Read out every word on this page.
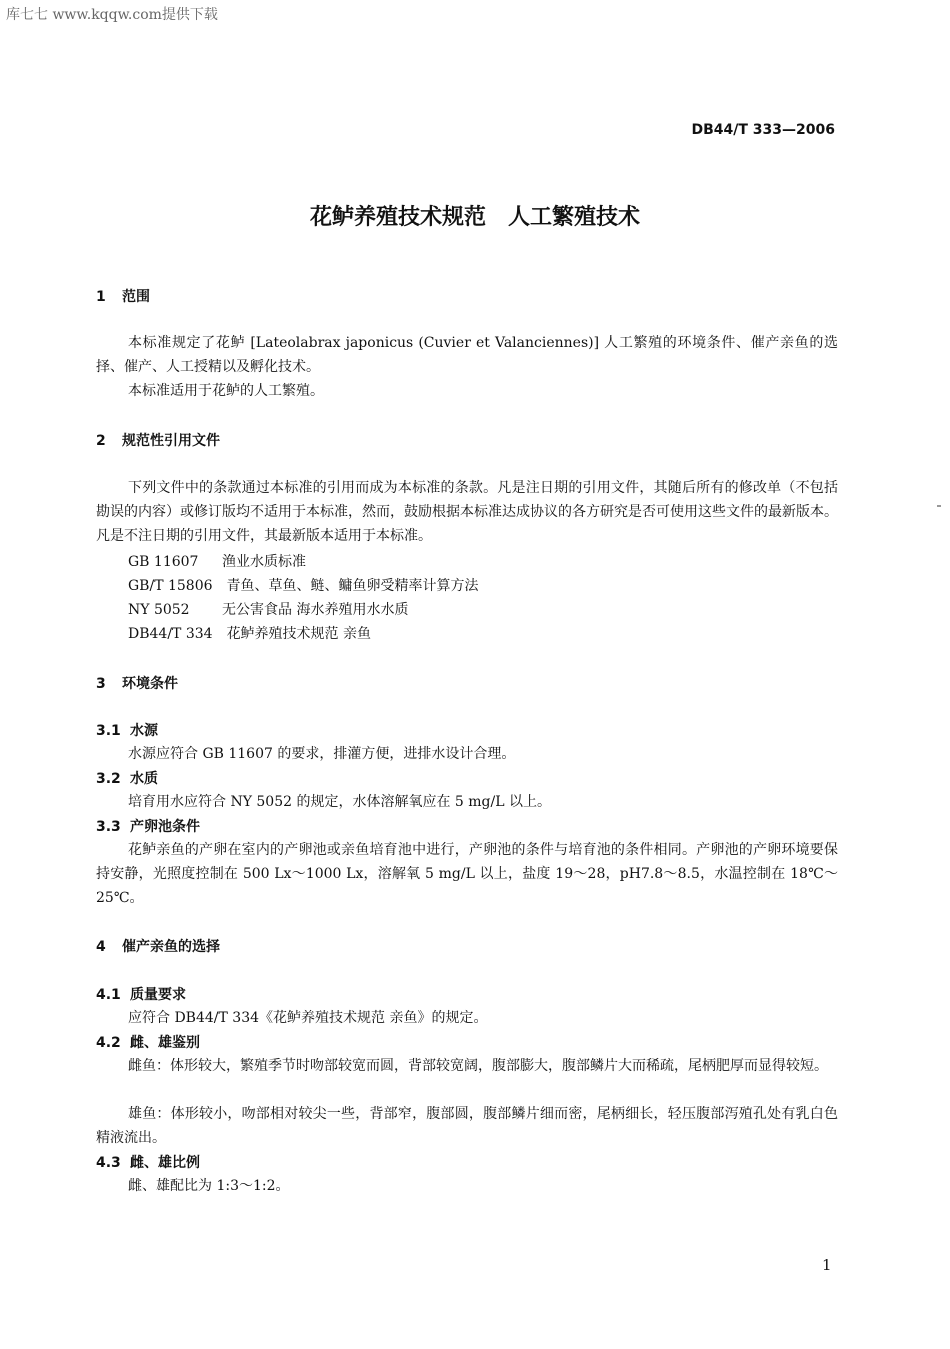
库七七 www.kqqw.com提供下载
DB44/T 333—2006
花鲈养殖技术规范　人工繁殖技术
1 范围
本标准规定了花鲈 [Lateolabrax japonicus (Cuvier et Valanciennes)] 人工繁殖的环境条件、催产亲鱼的选择、催产、人工授精以及孵化技术。
本标准适用于花鲈的人工繁殖。
2 规范性引用文件
下列文件中的条款通过本标准的引用而成为本标准的条款。凡是注日期的引用文件，其随后所有的修改单（不包括勘误的内容）或修订版均不适用于本标准，然而，鼓励根据本标准达成协议的各方研究是否可使用这些文件的最新版本。凡是不注日期的引用文件，其最新版本适用于本标准。
GB 11607　 渔业水质标准
GB/T 15806　 青鱼、草鱼、鲢、鳙鱼卵受精率计算方法
NY 5052　 无公害食品 海水养殖用水水质
DB44/T 334　 花鲈养殖技术规范 亲鱼
3 环境条件
3.1 水源
水源应符合 GB 11607 的要求，排灌方便，进排水设计合理。
3.2 水质
培育用水应符合 NY 5052 的规定，水体溶解氧应在 5 mg/L 以上。
3.3 产卵池条件
花鲈亲鱼的产卵在室内的产卵池或亲鱼培育池中进行，产卵池的条件与培育池的条件相同。产卵池的产卵环境要保持安静，光照度控制在 500 Lx～1000 Lx，溶解氧 5 mg/L 以上，盐度 19～28，pH7.8～8.5，水温控制在 18℃～25℃。
4 催产亲鱼的选择
4.1 质量要求
应符合 DB44/T 334《花鲈养殖技术规范 亲鱼》的规定。
4.2 雌、雄鉴别
雌鱼：体形较大，繁殖季节时吻部较宽而圆，背部较宽阔，腹部膨大，腹部鳞片大而稀疏，尾柄肥厚而显得较短。
雄鱼：体形较小，吻部相对较尖一些，背部窄，腹部圆，腹部鳞片细而密，尾柄细长，轻压腹部泻殖孔处有乳白色精液流出。
4.3 雌、雄比例
雌、雄配比为 1:3～1:2。
1
